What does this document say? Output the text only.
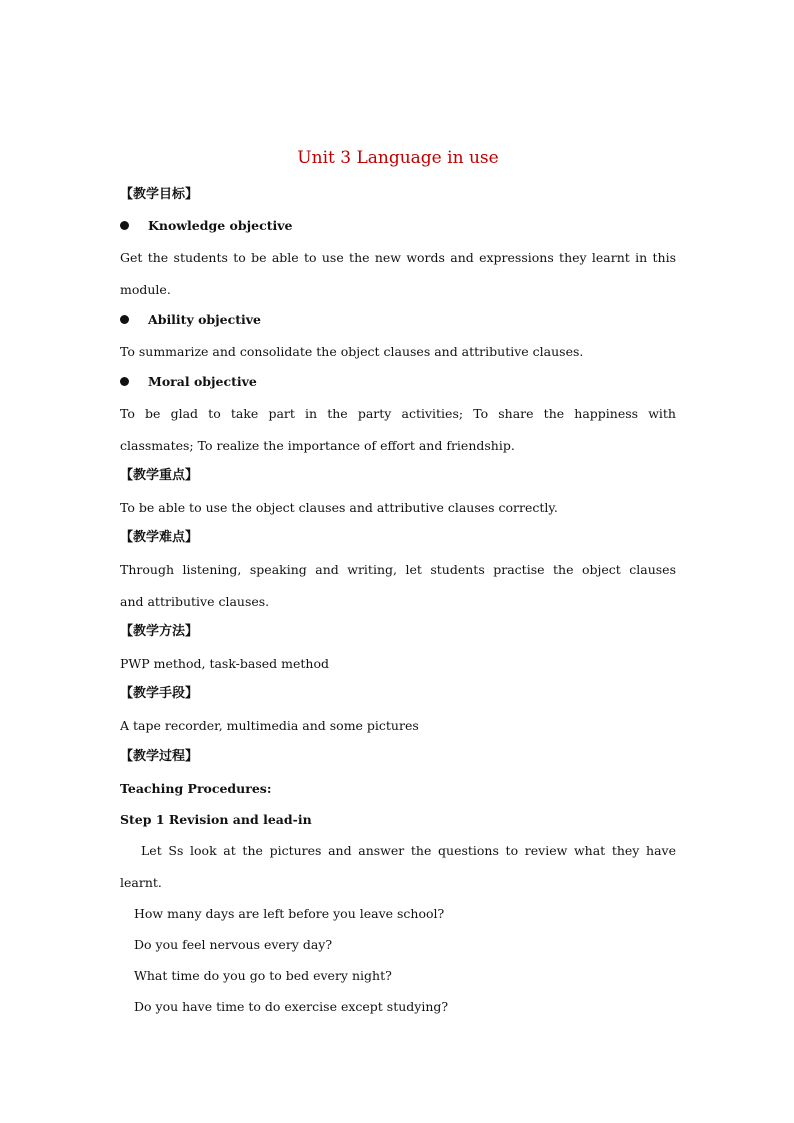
Unit 3 Language in use
【教学目标】
Knowledge objective
Get the students to be able to use the new words and expressions they learnt in this
module.
Ability objective
To summarize and consolidate the object clauses and attributive clauses.
Moral objective
To be glad to take part in the party activities; To share the happiness with
classmates; To realize the importance of effort and friendship.
【教学重点】
To be able to use the object clauses and attributive clauses correctly.
【教学难点】
Through listening, speaking and writing, let students practise the object clauses
and attributive clauses.
【教学方法】
PWP method, task-based method
【教学手段】
A tape recorder, multimedia and some pictures
【教学过程】
Teaching Procedures:
Step 1 Revision and lead-in
Let Ss look at the pictures and answer the questions to review what they have
learnt.
How many days are left before you leave school?
Do you feel nervous every day?
What time do you go to bed every night?
Do you have time to do exercise except studying?
